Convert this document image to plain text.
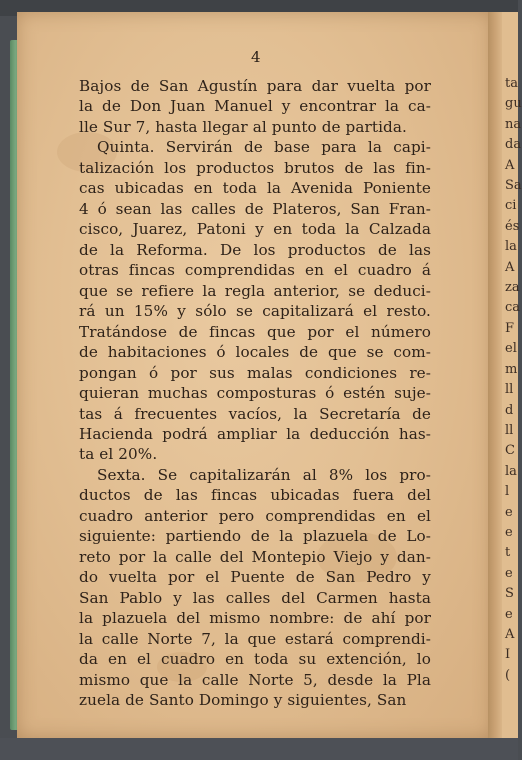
4
Bajos de San Agustín para dar vuelta por
la de Don Juan Manuel y encontrar la ca-
lle Sur 7, hasta llegar al punto de partida.
Quinta. Servirán de base para la capi-
talización los productos brutos de las fin-
cas ubicadas en toda la Avenida Poniente
4 ó sean las calles de Plateros, San Fran-
cisco, Juarez, Patoni y en toda la Calzada
de la Reforma. De los productos de las
otras fincas comprendidas en el cuadro á
que se refiere la regla anterior, se deduci-
rá un 15% y sólo se capitalizará el resto.
Tratándose de fincas que por el número
de habitaciones ó locales de que se com-
pongan ó por sus malas condiciones re-
quieran muchas composturas ó estén suje-
tas á frecuentes vacíos, la Secretaría de
Hacienda podrá ampliar la deducción has-
ta el 20%.
Sexta. Se capitalizarán al 8% los pro-
ductos de las fincas ubicadas fuera del
cuadro anterior pero comprendidas en el
siguiente: partiendo de la plazuela de Lo-
reto por la calle del Montepio Viejo y dan-
do vuelta por el Puente de San Pedro y
San Pablo y las calles del Carmen hasta
la plazuela del mismo nombre: de ahí por
la calle Norte 7, la que estará comprendi-
da en el cuadro en toda su extención, lo
mismo que la calle Norte 5, desde la Pla
zuela de Santo Domingo y siguientes, San
ta
gu
na
da
A
Sa
ci
és
la
A
za
ca
F
el
m
ll
d
ll
C
la
l
e
e
t
e
S
e
A
I
(
